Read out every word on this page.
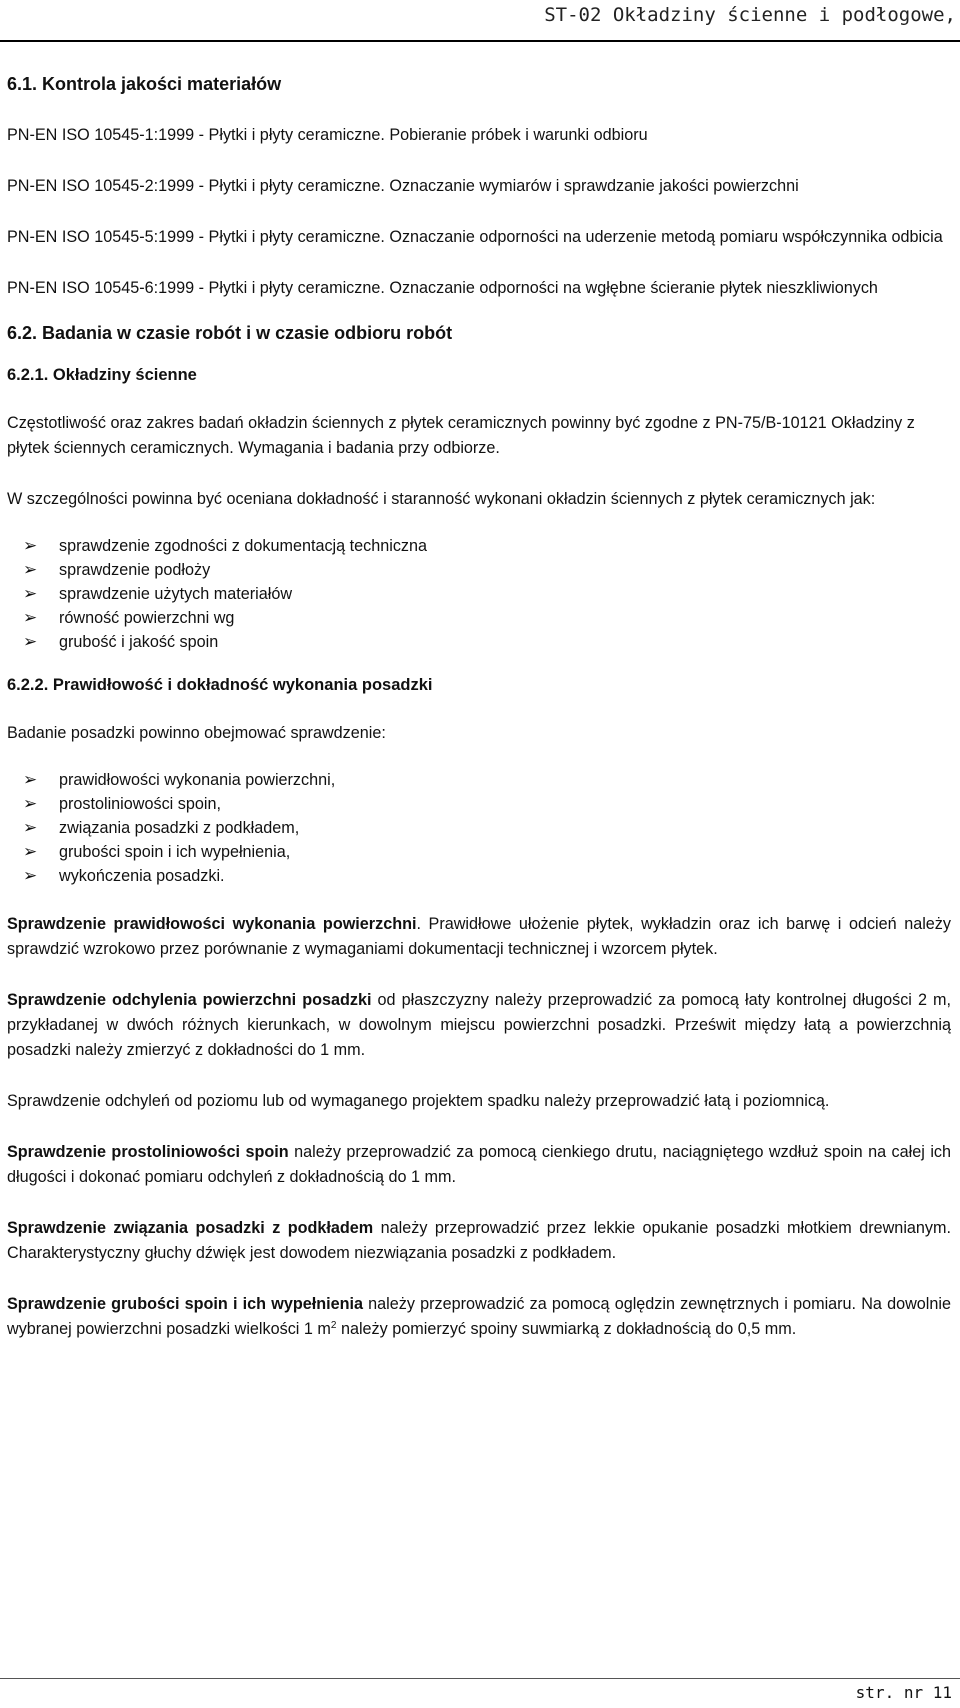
ST-02 Okładziny ścienne i podłogowe,
6.1. Kontrola jakości materiałów
PN-EN ISO 10545-1:1999 - Płytki i płyty ceramiczne. Pobieranie próbek i warunki odbioru
PN-EN ISO 10545-2:1999 - Płytki i płyty ceramiczne. Oznaczanie wymiarów i sprawdzanie jakości powierzchni
PN-EN ISO 10545-5:1999 - Płytki i płyty ceramiczne. Oznaczanie odporności na uderzenie metodą pomiaru współczynnika odbicia
PN-EN ISO 10545-6:1999 - Płytki i płyty ceramiczne. Oznaczanie odporności na wgłębne ścieranie płytek nieszkliwionych
6.2. Badania w czasie robót i w czasie odbioru robót
6.2.1. Okładziny ścienne

Częstotliwość oraz zakres badań okładzin ściennych z płytek ceramicznych powinny być zgodne z PN-75/B-10121 Okładziny z płytek ściennych ceramicznych. Wymagania i badania przy odbiorze.

W szczególności powinna być oceniana dokładność i staranność wykonani okładzin ściennych z płytek ceramicznych jak:

➢ sprawdzenie zgodności z dokumentacją techniczna
➢ sprawdzenie podłoży
➢ sprawdzenie użytych materiałów
➢ równość powierzchni wg
➢ grubość i jakość spoin
6.2.2. Prawidłowość i dokładność wykonania posadzki

Badanie posadzki powinno obejmować sprawdzenie:

➢ prawidłowości wykonania powierzchni,
➢ prostoliniowości spoin,
➢ związania posadzki z podkładem,
➢ grubości spoin i ich wypełnienia,
➢ wykończenia posadzki.

Sprawdzenie prawidłowości wykonania powierzchni. Prawidłowe ułożenie płytek, wykładzin oraz ich barwę i odcień należy sprawdzić wzrokowo przez porównanie z wymaganiami dokumentacji technicznej i wzorcem płytek.

Sprawdzenie odchylenia powierzchni posadzki od płaszczyzny należy przeprowadzić za pomocą łaty kontrolnej długości 2 m, przykładanej w dwóch różnych kierunkach, w dowolnym miejscu powierzchni posadzki. Prześwit między łatą a powierzchnią posadzki należy zmierzyć z dokładności do 1 mm.

Sprawdzenie odchyleń od poziomu lub od wymaganego projektem spadku należy przeprowadzić łatą i poziomnicą.

Sprawdzenie prostoliniowości spoin należy przeprowadzić za pomocą cienkiego drutu, naciągniętego wzdłuż spoin na całej ich długości i dokonać pomiaru odchyleń z dokładnością do 1 mm.

Sprawdzenie związania posadzki z podkładem należy przeprowadzić przez lekkie opukanie posadzki młotkiem drewnianym. Charakterystyczny głuchy dźwięk jest dowodem niezwiązania posadzki z podkładem.

Sprawdzenie grubości spoin i ich wypełnienia należy przeprowadzić za pomocą oględzin zewnętrznych i pomiaru. Na dowolnie wybranej powierzchni posadzki wielkości 1 $m^2$ należy pomierzyć spoiny suwmiarką z dokładnością do 0,5 mm.

str. nr 11
